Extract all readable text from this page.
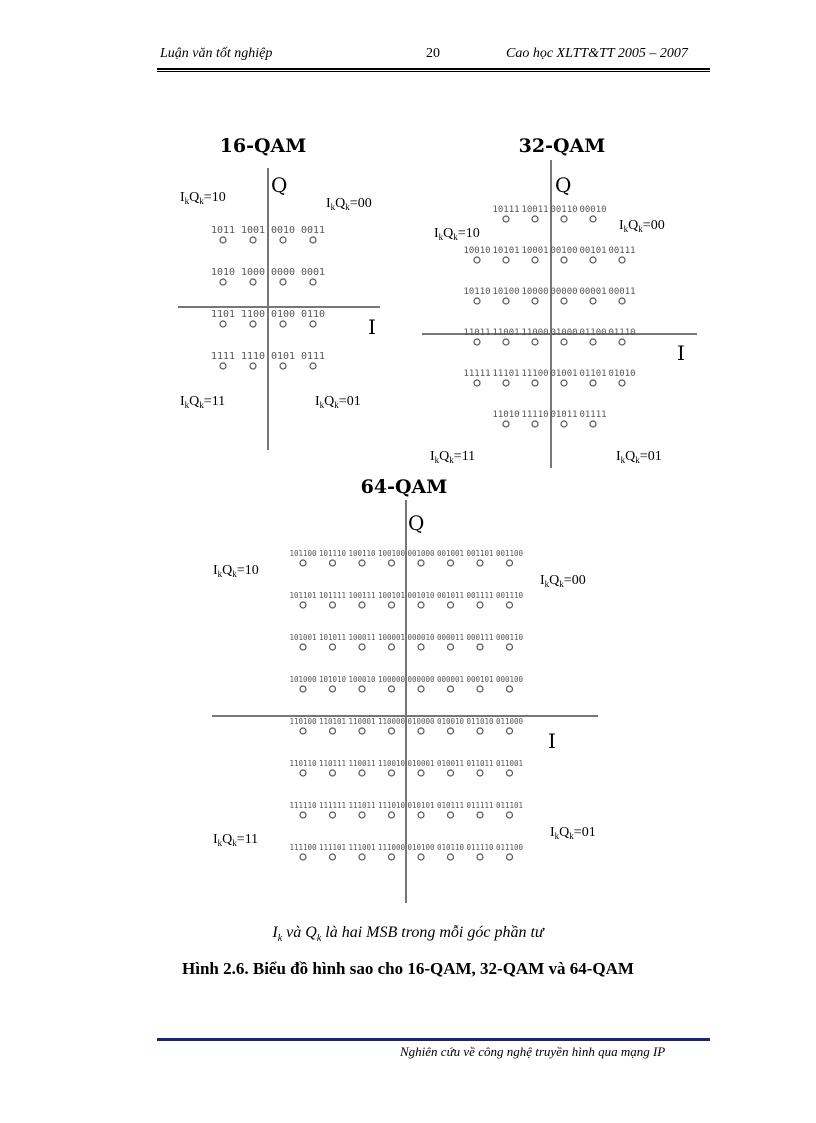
Luận văn tốt nghiệp	20	Cao học XLTT&TT 2005 – 2007
16-QAM
Q
I
1011 1001 0010 0011
1010 1000 0000 0001
1101 1100 0100 0110
1111 1110 0101 0111
$I_kQ_k=10$	$I_kQ_k=00$
$I_kQ_k=11$	$I_kQ_k=01$
32-QAM
Q
I
10111 10011 00110 00010
10010 10101 10001 00100 00101 00111
10110 10100 10000 00000 00001 00011
11011 11001 11000 01000 01100 01110
11111 11101 11100 01001 01101 01010
11010 11110 01011 01111
$I_kQ_k=10$
$I_kQ_k=00$
$I_kQ_k=11$	$I_kQ_k=01$
64-QAM
Q
I
101100 101110 100110 100100 001000 001001 001101 001100
101101 101111 100111 100101 001010 001011 001111 001110
101001 101011 100011 100001 000010 000011 000111 000110
101000 101010 100010 100000 000000 000001 000101 000100
110100 110101 110001 110000 010000 010010 011010 011000
110110 110111 110011 110010 010001 010011 011011 011001
111110 111111 111011 111010 010101 010111 011111 011101
111100 111101 111001 111000 010100 010110 011110 011100
$I_kQ_k=10$
$I_kQ_k=00$
$I_kQ_k=11$	$I_kQ_k=01$
$I_k$ và $Q_k$ là hai MSB trong mỗi góc phần tư
Hình 2.6. Biểu đồ hình sao cho 16-QAM, 32-QAM và 64-QAM
Nghiên cứu về công nghệ truyền hình qua mạng IP
